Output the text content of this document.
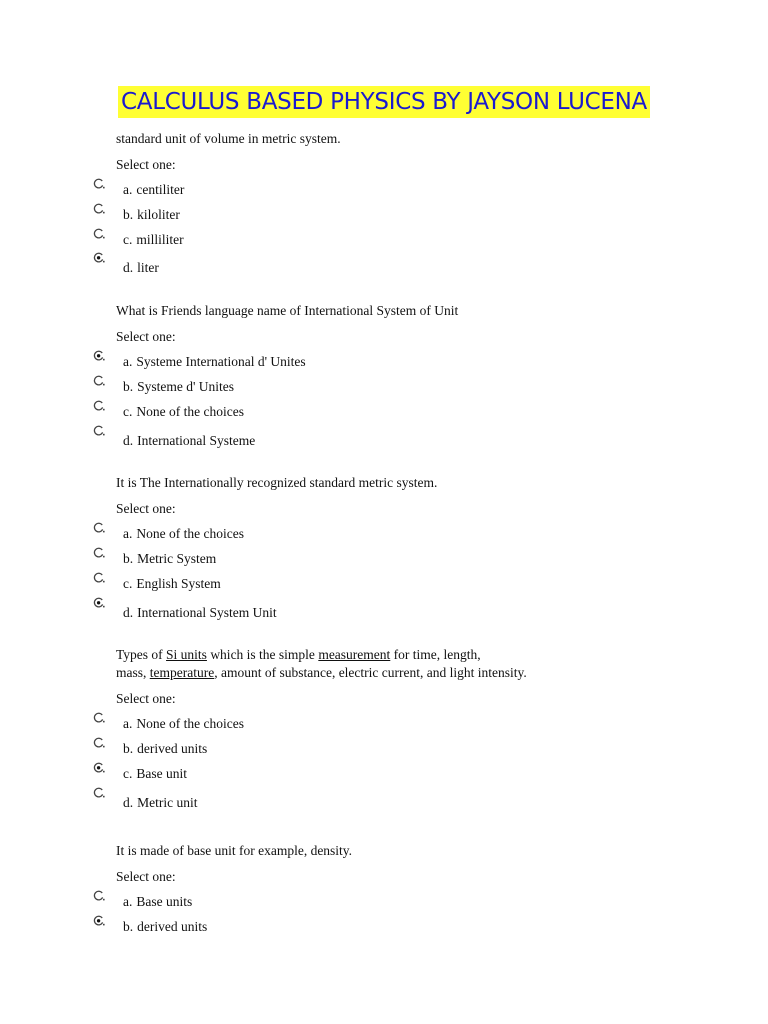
CALCULUS BASED PHYSICS BY JAYSON LUCENA
standard unit of volume in metric system.
Select one:
a. centiliter
b. kiloliter
c. milliliter
d. liter
What is Friends language name of International System of Unit
Select one:
a. Systeme International d' Unites
b. Systeme d' Unites
c. None of the choices
d. International Systeme
It is The Internationally recognized standard metric system.
Select one:
a. None of the choices
b. Metric System
c. English System
d. International System Unit
Types of Si units which is the simple measurement for time, length,
mass, temperature, amount of substance, electric current, and light intensity.
Select one:
a. None of the choices
b. derived units
c. Base unit
d. Metric unit
It is made of base unit for example, density.
Select one:
a. Base units
b. derived units
